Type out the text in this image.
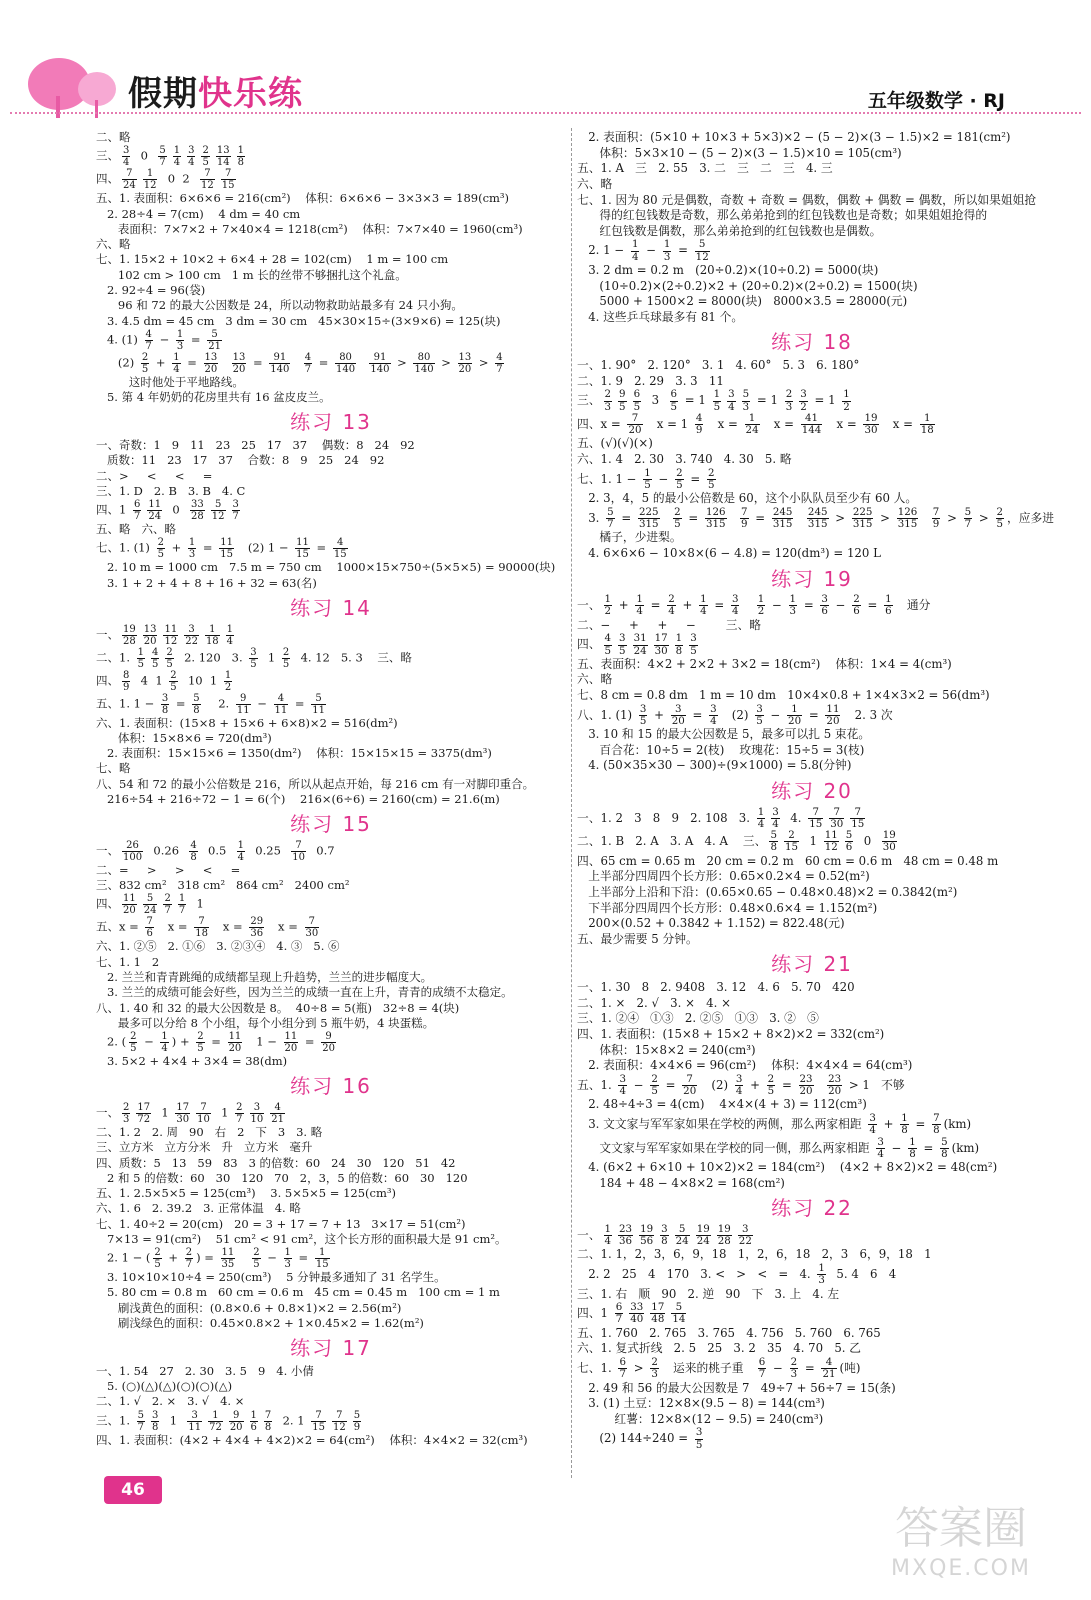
假期快乐练	五年级数学 · RJ
二、略
三、 $\frac{3}{4} 0 \frac{5}{7} \frac{1}{4} \frac{3}{4} \frac{2}{5} \frac{13}{14} \frac{1}{8}$
四、 $\frac{7}{24} \frac{1}{12} 0$  $2 \frac{7}{12} \frac{7}{15}$
五、1. 表面积：6×6×6 = 216(cm²)    体积：6×6×6 − 3×3×3 = 189(cm³)
2. 28÷4 = 7(cm)    4 dm = 40 cm
表面积：7×7×2 + 7×40×4 = 1218(cm²)    体积：7×7×40 = 1960(cm³)
六、略
七、1. 15×2 + 10×2 + 6×4 + 28 = 102(cm)    1 m = 100 cm
102 cm > 100 cm   1 m 长的丝带不够捆扎这个礼盒。
2. 92÷4 = 96(袋)
96 和 72 的最大公因数是 24，所以动物救助站最多有 24 只小狗。
3. 4.5 dm = 45 cm   3 dm = 30 cm   45×30×15÷(3×9×6) = 125(块)
4. $(1) \frac{4}{7} - \frac{1}{3} = \frac{5}{21}$
$(2) \frac{2}{5} + \frac{1}{4} = \frac{13}{20}$
$\frac{13}{20} = \frac{91}{140}$
$\frac{4}{7} = \frac{80}{140}$
$\frac{91}{140} > \frac{80}{140} > \frac{13}{20} > \frac{4}{7}$
这时他处于平地路线。
5. 第 4 年奶奶的花房里共有 16 盆皮皮兰。
练习 13
一、奇数：1   9   11   23   25   17   37    偶数：8   24   92
质数：11   23   17   37    合数：8   9   25   24   92
二、>     <     <     =
三、1. D   2. B   3. B   4. C
四、$1 \frac{6}{7} \frac{11}{24} 0 \frac{33}{28} \frac{5}{12} \frac{3}{7}$
五、略   六、略
七、1. $(1) \frac{2}{5} + \frac{1}{3} = \frac{11}{15} (2) 1 - \frac{11}{15} = \frac{4}{15}$
2. 10 m = 1000 cm   7.5 m = 750 cm    1000×15×750÷(5×5×5) = 90000(块)
3. 1 + 2 + 4 + 8 + 16 + 32 = 63(名)
练习 14
一、 $\frac{19}{28} \frac{13}{20} \frac{11}{12} \frac{3}{22} \frac{1}{18} \frac{1}{4}$
二、1. $\frac{1}{5} \frac{4}{5} \frac{2}{5} 2$. 120   3. $\frac{3}{5} 1 \frac{2}{5} 4$. 12   5. 3    三、略
四、 $\frac{8}{9} 4$  $1 \frac{2}{5} 10$  $1 \frac{1}{2}$
五、1. $1 - \frac{3}{8} = \frac{5}{8} 2$. $\frac{9}{11} - \frac{4}{11} = \frac{5}{11}$
六、1. 表面积：(15×8 + 15×6 + 6×8)×2 = 516(dm²)
体积：15×8×6 = 720(dm³)
2. 表面积：15×15×6 = 1350(dm²)    体积：15×15×15 = 3375(dm³)
七、略
八、54 和 72 的最小公倍数是 216，所以从起点开始，每 216 cm 有一对脚印重合。
216÷54 + 216÷72 − 1 = 6(个)    216×(6÷6) = 2160(cm) = 21.6(m)
练习 15
一、 $\frac{26}{100} 0.26 \frac{4}{8} 0.5 \frac{1}{4} 0.25 \frac{7}{10} 0.7$
二、=     >     >     <     =
三、832 cm²   318 cm²   864 cm²   2400 cm²
四、 $\frac{11}{20} \frac{5}{24} \frac{2}{7} \frac{1}{7} 1$
五、$x = \frac{7}{6}$ $x = \frac{7}{18}$ $x = \frac{29}{36}$ $x = \frac{7}{30}$
六、1. ②⑤   2. ①⑥   3. ②③④   4. ③   5. ⑥
七、1. 1   2
2. 兰兰和青青跳绳的成绩都呈现上升趋势，兰兰的进步幅度大。
3. 兰兰的成绩可能会好些，因为兰兰的成绩一直在上升，青青的成绩不太稳定。
八、1. 40 和 32 的最大公因数是 8。  40÷8 = 5(瓶)   32÷8 = 4(块)
最多可以分给 8 个小组，每个小组分到 5 瓶牛奶，4 块蛋糕。
2. ( $\frac{2}{5} - \frac{1}{4}$ ) + $\frac{2}{5} = \frac{11}{20} 1 - \frac{11}{20} = \frac{9}{20}$
3. 5×2 + 4×4 + 3×4 = 38(dm)
练习 16
一、 $\frac{2}{3} \frac{17}{72} 1 \frac{17}{30} \frac{7}{10} 1 \frac{2}{7} \frac{3}{10} \frac{4}{21}$
二、1. 2   2. 周   90   右   2   下   3   3. 略
三、立方米   立方分米   升   立方米   毫升
四、质数：5   13   59   83   3 的倍数：60   24   30   120   51   42
2 和 5 的倍数：60   30   120   70   2，3，5 的倍数：60   30   120
五、1. 2.5×5×5 = 125(cm³)    3. 5×5×5 = 125(cm³)
六、1. 6   2. 39.2   3. 正常体温   4. 略
七、1. 40÷2 = 20(cm)   20 = 3 + 17 = 7 + 13   3×17 = 51(cm²)
7×13 = 91(cm²)    51 cm² < 91 cm²，这个长方形的面积最大是 91 cm²。
2. 1 − ( $\frac{2}{5} + \frac{2}{7}$ ) = $\frac{11}{35}$
$\frac{2}{5} - \frac{1}{3} = \frac{1}{15}$
3. 10×10×10÷4 = 250(cm³)    5 分钟最多通知了 31 名学生。
5. 80 cm = 0.8 m   60 cm = 0.6 m   45 cm = 0.45 m   100 cm = 1 m
刷浅黄色的面积：(0.8×0.6 + 0.8×1)×2 = 2.56(m²)
刷浅绿色的面积：0.45×0.8×2 + 1×0.45×2 = 1.62(m²)
练习 17
一、1. 54   27   2. 30   3. 5   9   4. 小倩
5. (○)(△)(△)(○)(○)(△)
二、1. √   2. ×   3. √   4. ×
三、1. $\frac{5}{7} \frac{3}{8} 1 \frac{3}{11} \frac{1}{72} \frac{9}{20} \frac{1}{6} \frac{7}{8} 2$. $1 \frac{7}{15} \frac{7}{12} \frac{5}{9}$
四、1. 表面积：(4×2 + 4×4 + 4×2)×2 = 64(cm²)    体积：4×4×2 = 32(cm³)
2. 表面积：(5×10 + 10×3 + 5×3)×2 − (5 − 2)×(3 − 1.5)×2 = 181(cm²)
体积：5×3×10 − (5 − 2)×(3 − 1.5)×10 = 105(cm³)
五、1. A   三   2. 55   3. 二   三   二   三   4. 三
六、略
七、1. 因为 80 元是偶数，奇数 + 奇数 = 偶数，偶数 + 偶数 = 偶数，所以如果姐姐抢
得的红包钱数是奇数，那么弟弟抢到的红包钱数也是奇数；如果姐姐抢得的
红包钱数是偶数，那么弟弟抢到的红包钱数也是偶数。
2. $1 - \frac{1}{4} - \frac{1}{3} = \frac{5}{12}$
3. 2 dm = 0.2 m   (20÷0.2)×(10÷0.2) = 5000(块)
(10÷0.2)×(2÷0.2)×2 + (20÷0.2)×(2÷0.2) = 1500(块)
5000 + 1500×2 = 8000(块)   8000×3.5 = 28000(元)
4. 这些乒乓球最多有 81 个。
练习 18
一、1. 90°   2. 120°   3. 1   4. 60°   5. 3   6. 180°
二、1. 9   2. 29   3. 3   11
三、 $\frac{2}{3} \frac{9}{5} \frac{6}{5} 3 \frac{6}{5} = 1 \frac{1}{5} \frac{3}{4} \frac{5}{3} = 1 \frac{2}{3} \frac{3}{2} = 1 \frac{1}{2}$
四、$x = \frac{7}{20}$ $x = 1 \frac{4}{9}$ $x = \frac{1}{24}$ $x = \frac{41}{144}$ $x = \frac{19}{30}$ $x = \frac{1}{18}$
五、(√)(√)(×)
六、1. 4   2. 30   3. 740   4. 30   5. 略
七、1. $1 - \frac{1}{5} - \frac{2}{5} = \frac{2}{5}$
2. 3，4，5 的最小公倍数是 60，这个小队队员至少有 60 人。
3. $\frac{5}{7} = \frac{225}{315}$
$\frac{2}{5} = \frac{126}{315}$
$\frac{7}{9} = \frac{245}{315}$
$\frac{245}{315} > \frac{225}{315} > \frac{126}{315}$
$\frac{7}{9} > \frac{5}{7} > \frac{2}{5}$ ，应多进
橘子，少进梨。
4. 6×6×6 − 10×8×(6 − 4.8) = 120(dm³) = 120 L
练习 19
一、 $\frac{1}{2} + \frac{1}{4} = \frac{2}{4} + \frac{1}{4} = \frac{3}{4}$
$\frac{1}{2} - \frac{1}{3} = \frac{3}{6} - \frac{2}{6} = \frac{1}{6}$ 通分
二、−     +     +     −        三、略
四、 $\frac{4}{5} \frac{3}{5} \frac{31}{24} \frac{17}{30} \frac{1}{8} \frac{3}{5}$
五、表面积：4×2 + 2×2 + 3×2 = 18(cm²)    体积：1×4 = 4(cm³)
六、略
七、8 cm = 0.8 dm   1 m = 10 dm   10×4×0.8 + 1×4×3×2 = 56(dm³)
八、1. $(1) \frac{3}{5} + \frac{3}{20} = \frac{3}{4} (2) \frac{3}{5} - \frac{1}{20} = \frac{11}{20} 2$. 3 次
3. 10 和 15 的最大公因数是 5，最多可以扎 5 束花。
百合花：10÷5 = 2(枝)    玫瑰花：15÷5 = 3(枝)
4. (50×35×30 − 300)÷(9×1000) = 5.8(分钟)
练习 20
一、1. 2   3   8   9   2. 108   3. $\frac{1}{4} \frac{3}{4} 4$. $\frac{7}{15} \frac{7}{30} \frac{7}{15}$
二、1. B   2. A   3. A   4. A    三、 $\frac{5}{8} \frac{2}{15} 1 \frac{11}{12} \frac{5}{6} 0 \frac{19}{30}$
四、65 cm = 0.65 m   20 cm = 0.2 m   60 cm = 0.6 m   48 cm = 0.48 m
上半部分四周四个长方形：0.65×0.2×4 = 0.52(m²)
上半部分上沿和下沿：(0.65×0.65 − 0.48×0.48)×2 = 0.3842(m²)
下半部分四周四个长方形：0.48×0.6×4 = 1.152(m²)
200×(0.52 + 0.3842 + 1.152) = 822.48(元)
五、最少需要 5 分钟。
练习 21
一、1. 30   8   2. 9408   3. 12   4. 6   5. 70   420
二、1. ×   2. √   3. ×   4. ×
三、1. ②④   ①③   2. ②⑤   ①③   3. ②   ⑤
四、1. 表面积：(15×8 + 15×2 + 8×2)×2 = 332(cm²)
体积：15×8×2 = 240(cm³)
2. 表面积：4×4×6 = 96(cm²)    体积：4×4×4 = 64(cm³)
五、1. $\frac{3}{4} - \frac{2}{5} = \frac{7}{20} (2) \frac{3}{4} + \frac{2}{5} = \frac{23}{20}$
$\frac{23}{20} > 1$   不够
2. 48÷4÷3 = 4(cm)    4×4×(4 + 3) = 112(cm³)
3. 文文家与军军家如果在学校的两侧，那么两家相距 $\frac{3}{4} + \frac{1}{8} = \frac{7}{8} (km)$
文文家与军军家如果在学校的同一侧，那么两家相距 $\frac{3}{4} - \frac{1}{8} = \frac{5}{8} (km)$
4. (6×2 + 6×10 + 10×2)×2 = 184(cm²)    (4×2 + 8×2)×2 = 48(cm²)
184 + 48 − 4×8×2 = 168(cm²)
练习 22
一、 $\frac{1}{4} \frac{23}{36} \frac{19}{56} \frac{3}{8} \frac{5}{24} \frac{19}{24} \frac{19}{28} \frac{3}{22}$
二、1. 1，2，3，6，9，18   1，2，6，18   2，3   6，9，18   1
2. 2   25   4   170   3. <   >   <   =   4. $\frac{1}{3} 5$. 4   6   4
三、1. 右   顺   90   2. 逆   90   下   3. 上   4. 左
四、$1 \frac{6}{7} \frac{33}{40} \frac{17}{48} \frac{5}{14}$
五、1. 760   2. 765   3. 765   4. 756   5. 760   6. 765
六、1. 复式折线   2. 5   25   3. 2   35   4. 70   5. 乙
七、1. $\frac{6}{7} > \frac{2}{3}$ 运来的桃子重 $\frac{6}{7} - \frac{2}{3} = \frac{4}{21}$ (吨)
2. 49 和 56 的最大公因数是 7   49÷7 + 56÷7 = 15(条)
3. (1) 土豆：12×8×(9.5 − 8) = 144(cm³)
红薯：12×8×(12 − 9.5) = 240(cm³)
(2) $144\div 240 = \frac{3}{5}$
46
答案圈
MXQE.COM
